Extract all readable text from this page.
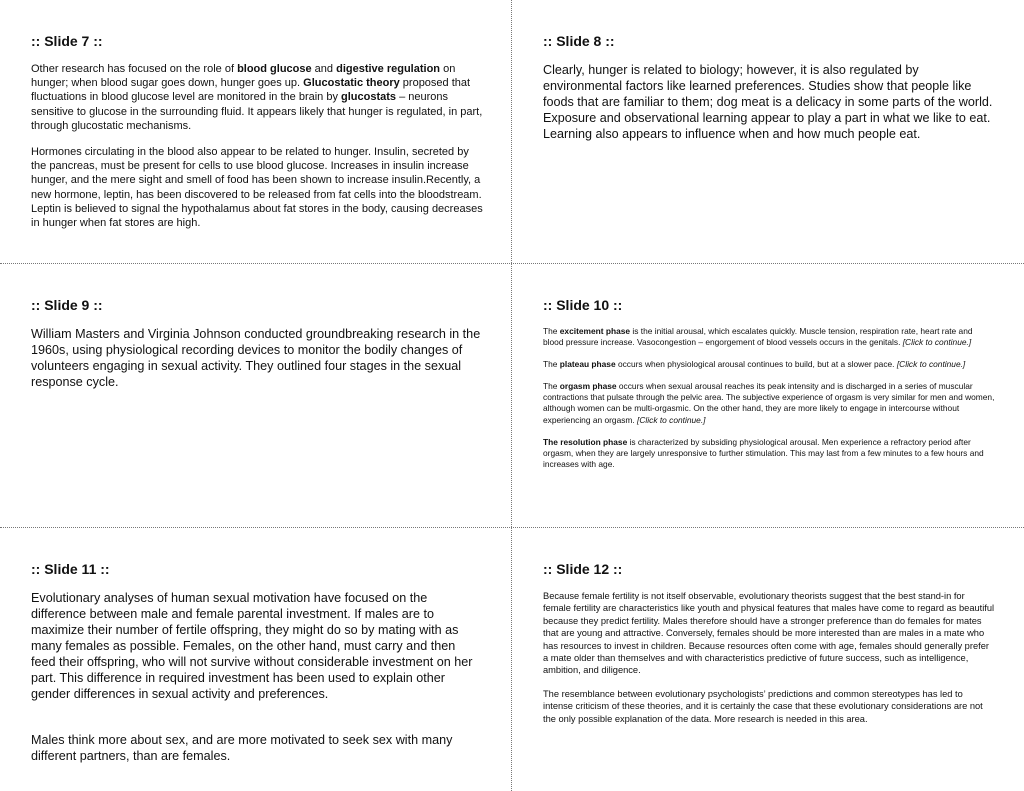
:: Slide 7 ::

Other research has focused on the role of blood glucose and digestive regulation on hunger; when blood sugar goes down, hunger goes up. Glucostatic theory proposed that fluctuations in blood glucose level are monitored in the brain by glucostats – neurons sensitive to glucose in the surrounding fluid. It appears likely that hunger is regulated, in part, through glucostatic mechanisms.

Hormones circulating in the blood also appear to be related to hunger. Insulin, secreted by the pancreas, must be present for cells to use blood glucose. Increases in insulin increase hunger, and the mere sight and smell of food has been shown to increase insulin.Recently, a new hormone, leptin, has been discovered to be released from fat cells into the bloodstream. Leptin is believed to signal the hypothalamus about fat stores in the body, causing decreases in hunger when fat stores are high.

:: Slide 8 ::

Clearly, hunger is related to biology; however, it is also regulated by environmental factors like learned preferences. Studies show that people like foods that are familiar to them; dog meat is a delicacy in some parts of the world. Exposure and observational learning appear to play a part in what we like to eat. Learning also appears to influence when and how much people eat.

:: Slide 9 ::

William Masters and Virginia Johnson conducted groundbreaking research in the 1960s, using physiological recording devices to monitor the bodily changes of volunteers engaging in sexual activity. They outlined four stages in the sexual response cycle.

:: Slide 10 ::

The excitement phase is the initial arousal, which escalates quickly. Muscle tension, respiration rate, heart rate and blood pressure increase. Vasocongestion – engorgement of blood vessels occurs in the genitals. [Click to continue.]

The plateau phase occurs when physiological arousal continues to build, but at a slower pace. [Click to continue.]

The orgasm phase occurs when sexual arousal reaches its peak intensity and is discharged in a series of muscular contractions that pulsate through the pelvic area. The subjective experience of orgasm is very similar for men and women, although women can be multi-orgasmic. On the other hand, they are more likely to engage in intercourse without experiencing an orgasm. [Click to continue.]

The resolution phase is characterized by subsiding physiological arousal. Men experience a refractory period after orgasm, when they are largely unresponsive to further stimulation. This may last from a few minutes to a few hours and increases with age.

:: Slide 11 ::

Evolutionary analyses of human sexual motivation have focused on the difference between male and female parental investment. If males are to maximize their number of fertile offspring, they might do so by mating with as many females as possible. Females, on the other hand, must carry and then feed their offspring, who will not survive without considerable investment on her part. This difference in required investment has been used to explain other gender differences in sexual activity and preferences.

Males think more about sex, and are more motivated to seek sex with many different partners, than are females.

:: Slide 12 ::

Because female fertility is not itself observable, evolutionary theorists suggest that the best stand-in for female fertility are characteristics like youth and physical features that males have come to regard as beautiful because they predict fertility. Males therefore should have a stronger preference than do females for mates that are young and attractive. Conversely, females should be more interested than are males in a mate who has resources to invest in children. Because resources often come with age, females should generally prefer a mate older than themselves and with characteristics predictive of future success, such as intelligence, ambition, and diligence.

The resemblance between evolutionary psychologists’ predictions and common stereotypes has led to intense criticism of these theories, and it is certainly the case that these evolutionary considerations are not the only possible explanation of the data. More research is needed in this area.
